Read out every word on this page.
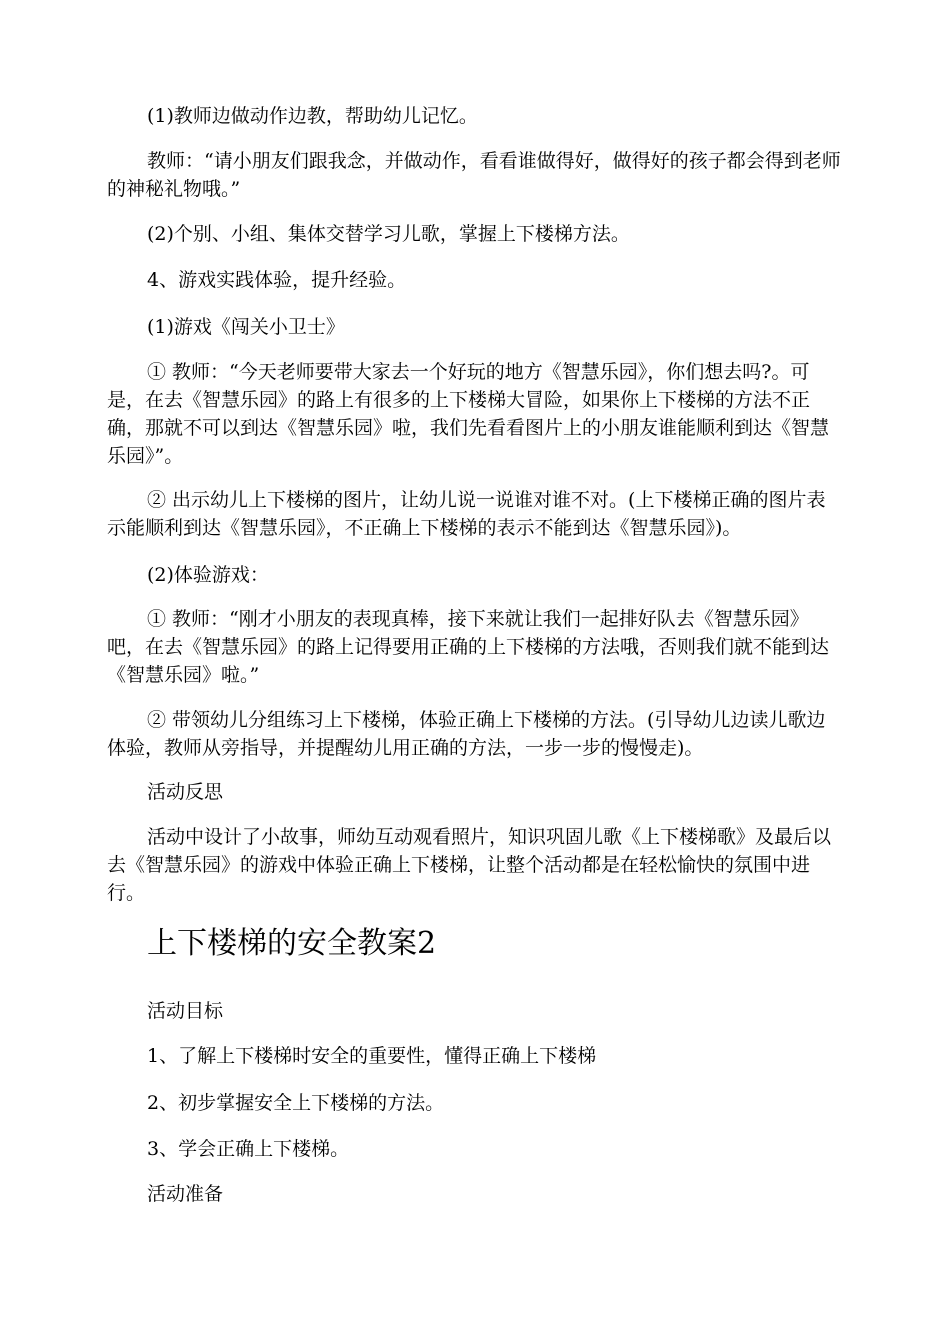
(1)教师边做动作边教，帮助幼儿记忆。

教师：“请小朋友们跟我念，并做动作，看看谁做得好，做得好的孩子都会得到老师的神秘礼物哦。”

(2)个别、小组、集体交替学习儿歌，掌握上下楼梯方法。

4、游戏实践体验，提升经验。

(1)游戏《闯关小卫士》

① 教师：“今天老师要带大家去一个好玩的地方《智慧乐园》，你们想去吗?。可是，在去《智慧乐园》的路上有很多的上下楼梯大冒险，如果你上下楼梯的方法不正确，那就不可以到达《智慧乐园》啦，我们先看看图片上的小朋友谁能顺利到达《智慧乐园》”。

② 出示幼儿上下楼梯的图片，让幼儿说一说谁对谁不对。(上下楼梯正确的图片表示能顺利到达《智慧乐园》，不正确上下楼梯的表示不能到达《智慧乐园》)。

(2)体验游戏：

① 教师：“刚才小朋友的表现真棒，接下来就让我们一起排好队去《智慧乐园》吧，在去《智慧乐园》的路上记得要用正确的上下楼梯的方法哦，否则我们就不能到达《智慧乐园》啦。”

② 带领幼儿分组练习上下楼梯，体验正确上下楼梯的方法。(引导幼儿边读儿歌边体验，教师从旁指导，并提醒幼儿用正确的方法，一步一步的慢慢走)。

活动反思

活动中设计了小故事，师幼互动观看照片，知识巩固儿歌《上下楼梯歌》及最后以去《智慧乐园》的游戏中体验正确上下楼梯，让整个活动都是在轻松愉快的氛围中进行。

上下楼梯的安全教案2

活动目标

1、了解上下楼梯时安全的重要性，懂得正确上下楼梯

2、初步掌握安全上下楼梯的方法。

3、学会正确上下楼梯。

活动准备
